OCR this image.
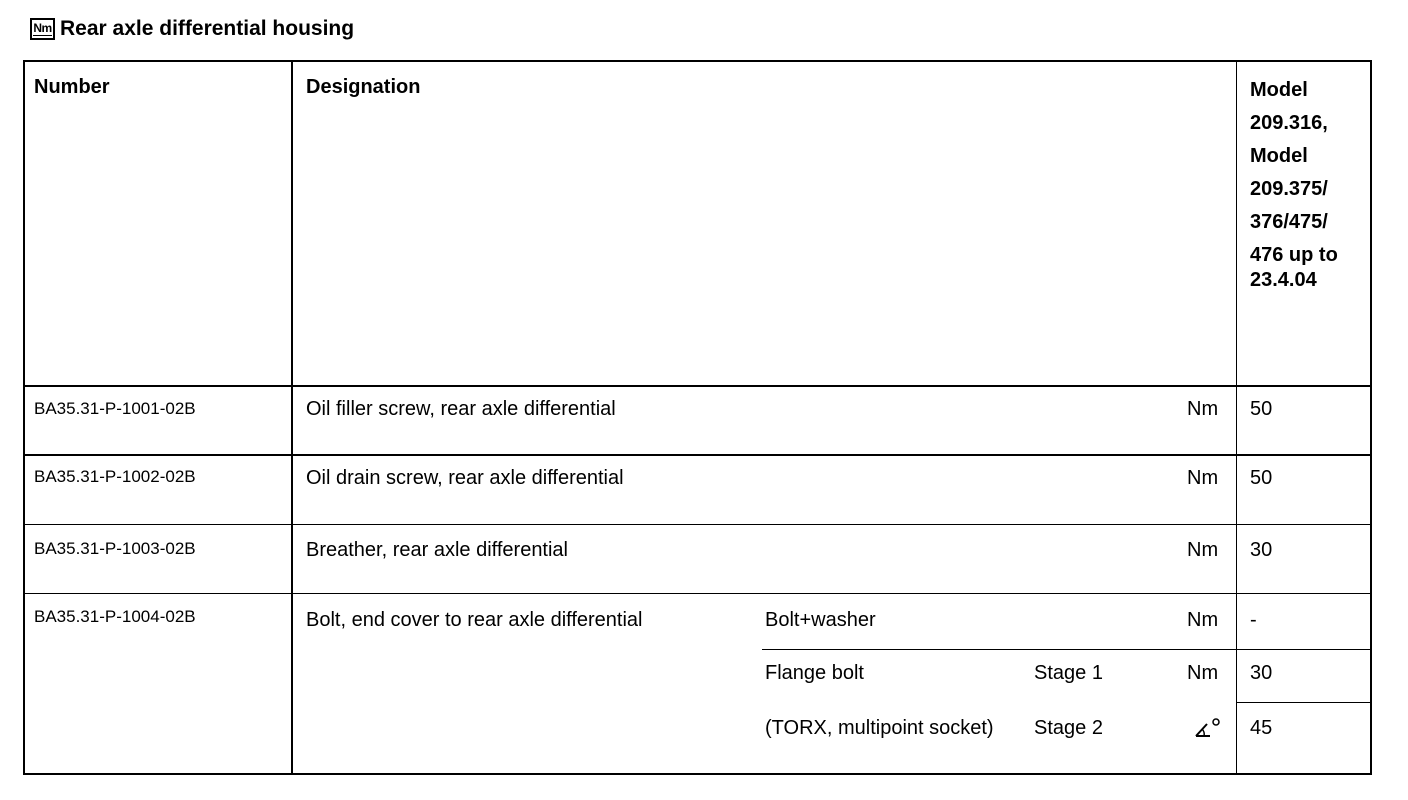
Nm Rear axle differential housing
Number	Designation	Model
209.316,
Model
209.375/
376/475/
476 up to
23.4.04
BA35.31-P-1001-02B	Oil filler screw, rear axle differential	Nm 50
BA35.31-P-1002-02B	Oil drain screw, rear axle differential	Nm 50
BA35.31-P-1003-02B	Breather, rear axle differential	Nm 30
BA35.31-P-1004-02B	Bolt, end cover to rear axle differential	Bolt+washer	Nm -
Flange bolt	Stage 1	Nm 30
(TORX, multipoint socket) Stage 2	45
